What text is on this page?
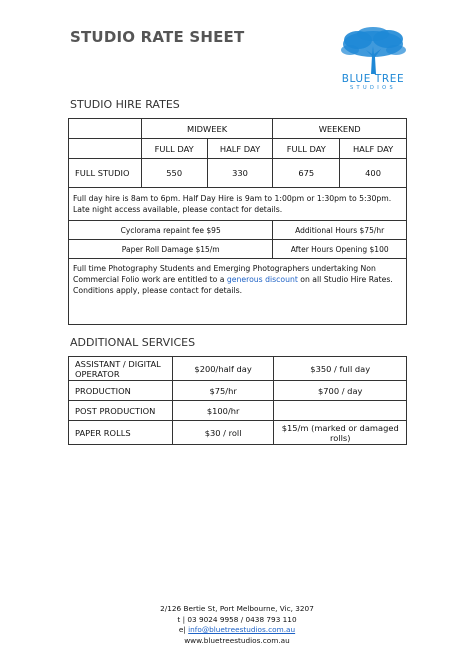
STUDIO RATE SHEET
BLUE TREE
STUDIOS
STUDIO HIRE RATES
	MIDWEEK		WEEKEND	
	FULL DAY	HALF DAY	FULL DAY	HALF DAY
FULL STUDIO	550	330	675	400
Full day hire is 8am to 6pm. Half Day Hire is 9am to 1:00pm or 1:30pm to 5:30pm. Late night access available, please contact for details.				
Cyclorama repaint fee $95			Additional Hours $75/hr	
Paper Roll Damage $15/m			After Hours Opening $100	
Full time Photography Students and Emerging Photographers undertaking Non Commercial Folio work are entitled to a generous discount on all Studio Hire Rates. Conditions apply, please contact for details.				
ADDITIONAL SERVICES
ASSISTANT / DIGITAL OPERATOR	$200/half day	$350 / full day
PRODUCTION	$75/hr	$700 / day
POST PRODUCTION	$100/hr	
PAPER ROLLS	$30 / roll	$15/m (marked or damaged rolls)
2/126 Bertie St, Port Melbourne, Vic, 3207
t | 03 9024 9958 / 0438 793 110
e| info@bluetreestudios.com.au
www.bluetreestudios.com.au
